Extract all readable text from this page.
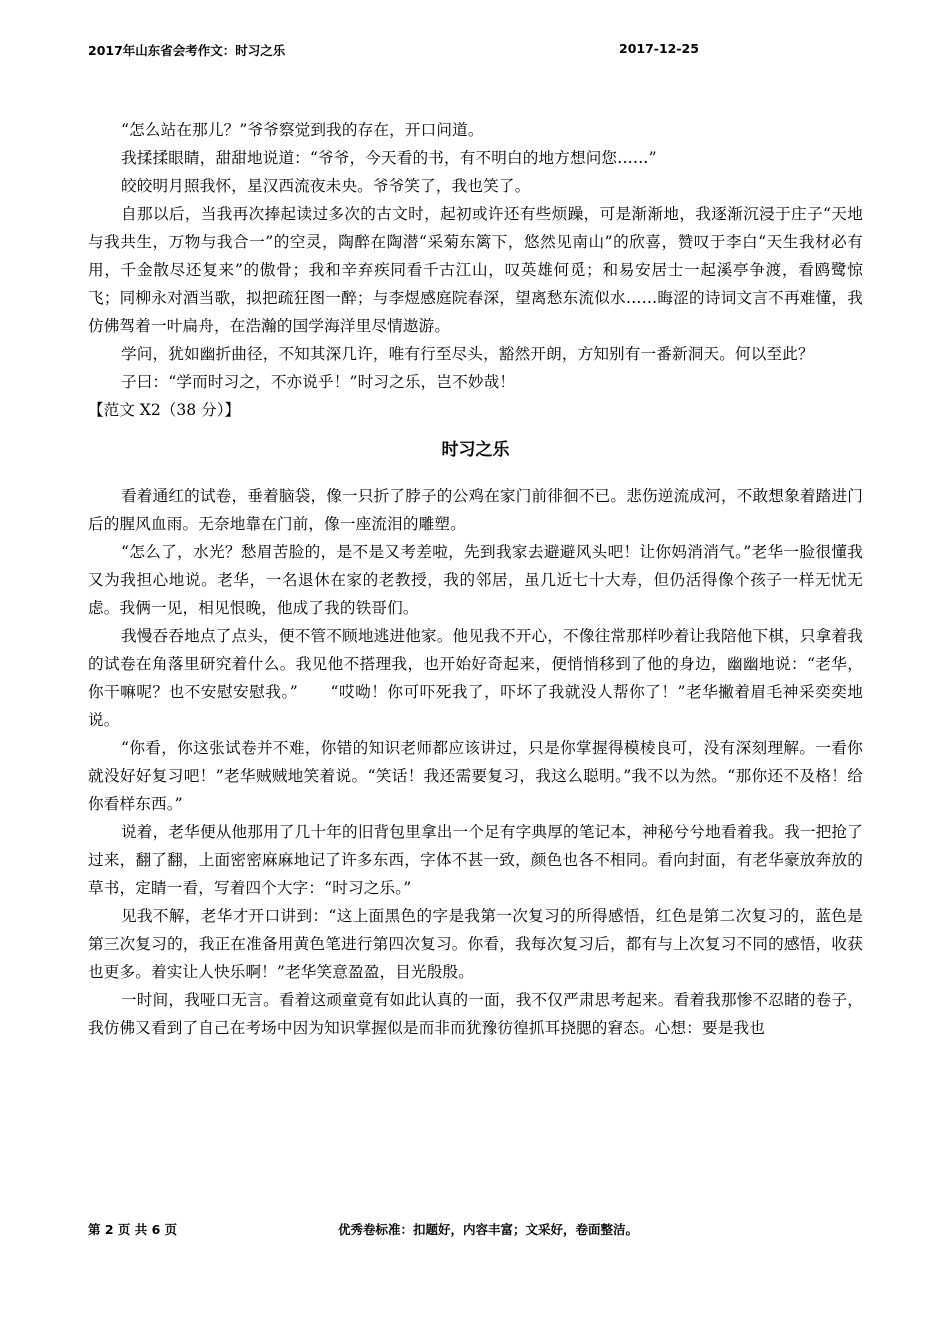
2017年山东省会考作文：时习之乐	2017-12-25

“怎么站在那儿？”爷爷察觉到我的存在，开口问道。

我揉揉眼睛，甜甜地说道：“爷爷，今天看的书，有不明白的地方想问您……”

皎皎明月照我怀，星汉西流夜未央。爷爷笑了，我也笑了。

自那以后，当我再次捧起读过多次的古文时，起初或许还有些烦躁，可是渐渐地，我逐渐沉浸于庄子“天地与我共生，万物与我合一”的空灵，陶醉在陶潜“采菊东篱下，悠然见南山”的欣喜，赞叹于李白“天生我材必有用，千金散尽还复来”的傲骨；我和辛弃疾同看千古江山，叹英雄何觅；和易安居士一起溪亭争渡，看鸥鹭惊飞；同柳永对酒当歌，拟把疏狂图一醉；与李煜感庭院春深，望离愁东流似水……晦涩的诗词文言不再难懂，我仿佛驾着一叶扁舟，在浩瀚的国学海洋里尽情遨游。

学问，犹如幽折曲径，不知其深几许，唯有行至尽头，豁然开朗，方知别有一番新洞天。何以至此？

子曰：“学而时习之，不亦说乎！”时习之乐，岂不妙哉！

【范文 X2（38 分）】

时习之乐

看着通红的试卷，垂着脑袋，像一只折了脖子的公鸡在家门前徘徊不已。悲伤逆流成河，不敢想象着踏进门后的腥风血雨。无奈地靠在门前，像一座流泪的雕塑。

“怎么了，水光？愁眉苦脸的，是不是又考差啦，先到我家去避避风头吧！让你妈消消气。”老华一脸很懂我又为我担心地说。老华，一名退休在家的老教授，我的邻居，虽几近七十大寿，但仍活得像个孩子一样无忧无虑。我俩一见，相见恨晚，他成了我的铁哥们。

我慢吞吞地点了点头，便不管不顾地逃进他家。他见我不开心，不像往常那样吵着让我陪他下棋，只拿着我的试卷在角落里研究着什么。我见他不搭理我，也开始好奇起来，便悄悄移到了他的身边，幽幽地说：“老华，你干嘛呢？也不安慰安慰我。”　　“哎呦！你可吓死我了，吓坏了我就没人帮你了！”老华撇着眉毛神采奕奕地说。

“你看，你这张试卷并不难，你错的知识老师都应该讲过，只是你掌握得模棱良可，没有深刻理解。一看你就没好好复习吧！”老华贼贼地笑着说。“笑话！我还需要复习，我这么聪明。”我不以为然。“那你还不及格！给你看样东西。”

说着，老华便从他那用了几十年的旧背包里拿出一个足有字典厚的笔记本，神秘兮兮地看着我。我一把抢了过来，翻了翻，上面密密麻麻地记了许多东西，字体不甚一致，颜色也各不相同。看向封面，有老华豪放奔放的草书，定睛一看，写着四个大字：“时习之乐。”

见我不解，老华才开口讲到：“这上面黑色的字是我第一次复习的所得感悟，红色是第二次复习的，蓝色是第三次复习的，我正在准备用黄色笔进行第四次复习。你看，我每次复习后，都有与上次复习不同的感悟，收获也更多。着实让人快乐啊！”老华笑意盈盈，目光殷殷。

一时间，我哑口无言。看着这顽童竟有如此认真的一面，我不仅严肃思考起来。看着我那惨不忍睹的卷子，我仿佛又看到了自己在考场中因为知识掌握似是而非而犹豫彷徨抓耳挠腮的窘态。心想：要是我也

第 2 页 共 6 页	优秀卷标准：扣题好，内容丰富；文采好，卷面整洁。
